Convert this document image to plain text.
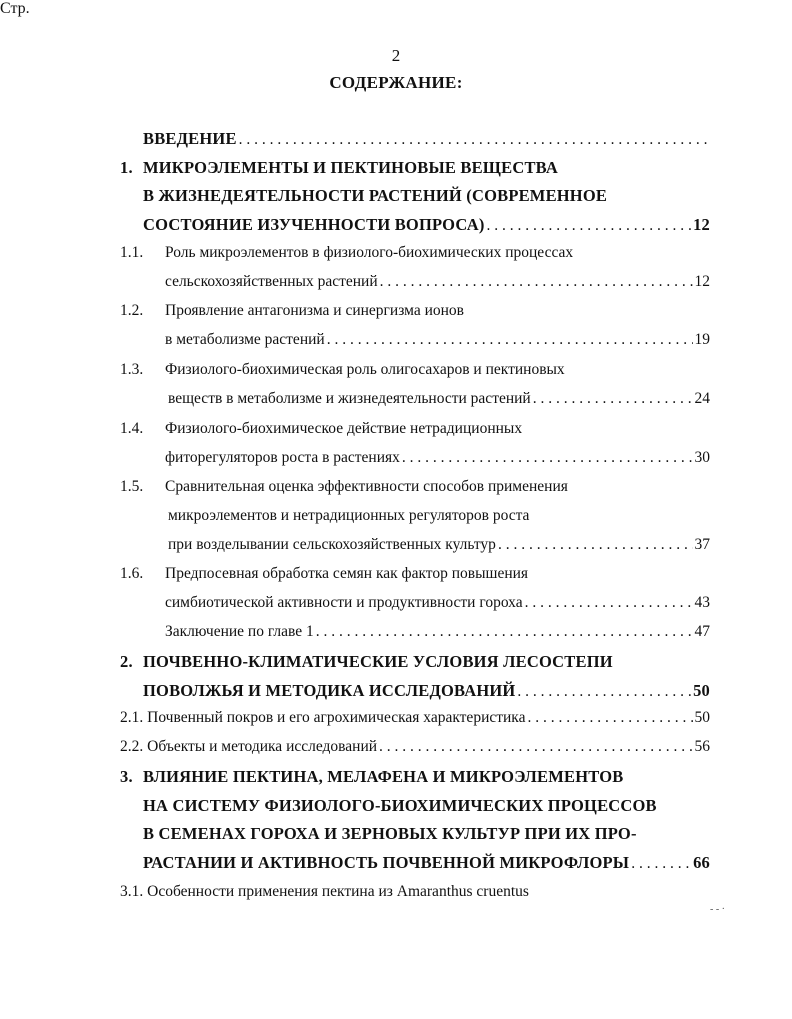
2
СОДЕРЖАНИЕ:
Стр.
ВВЕДЕНИЕ
. . .
1. МИКРОЭЛЕМЕНТЫ И ПЕКТИНОВЫЕ ВЕЩЕСТВА
В ЖИЗНЕДЕЯТЕЛЬНОСТИ РАСТЕНИЙ (СОВРЕМЕННОЕ
СОСТОЯНИЕ ИЗУЧЕННОСТИ ВОПРОСА) . . .	12
1.1. Роль микроэлементов в физиолого-биохимических процессах
сельскохозяйственных растений . . .	12
1.2. Проявление антагонизма и синергизма ионов
в метаболизме растений . . .	19
1.3. Физиолого-биохимическая роль олигосахаров и пектиновых
веществ в метаболизме и жизнедеятельности растений . . .	24
1.4. Физиолого-биохимическое действие нетрадиционных
фиторегуляторов роста в растениях . . .	30
1.5. Сравнительная оценка эффективности способов применения
микроэлементов и нетрадиционных регуляторов роста
при возделывании сельскохозяйственных культур . . .	37
1.6. Предпосевная обработка семян как фактор повышения
симбиотической активности и продуктивности гороха . . .	43
Заключение по главе 1 . . .	47
2. ПОЧВЕННО-КЛИМАТИЧЕСКИЕ УСЛОВИЯ ЛЕСОСТЕПИ
ПОВОЛЖЬЯ И МЕТОДИКА ИССЛЕДОВАНИЙ . . .	50
2.1. Почвенный покров и его агрохимическая характеристика . . .	50
2.2. Объекты и методика исследований . . .	56
3. ВЛИЯНИЕ ПЕКТИНА, МЕЛАФЕНА И МИКРОЭЛЕМЕНТОВ
НА СИСТЕМУ ФИЗИОЛОГО-БИОХИМИЧЕСКИХ ПРОЦЕССОВ
В СЕМЕНАХ ГОРОХА И ЗЕРНОВЫХ КУЛЬТУР ПРИ ИХ ПРО-
РАСТАНИИ И АКТИВНОСТЬ ПОЧВЕННОЙ МИКРОФЛОРЫ . . .	66
3.1. Особенности применения пектина из Amaranthus cruentus
‐ ‐ ·
